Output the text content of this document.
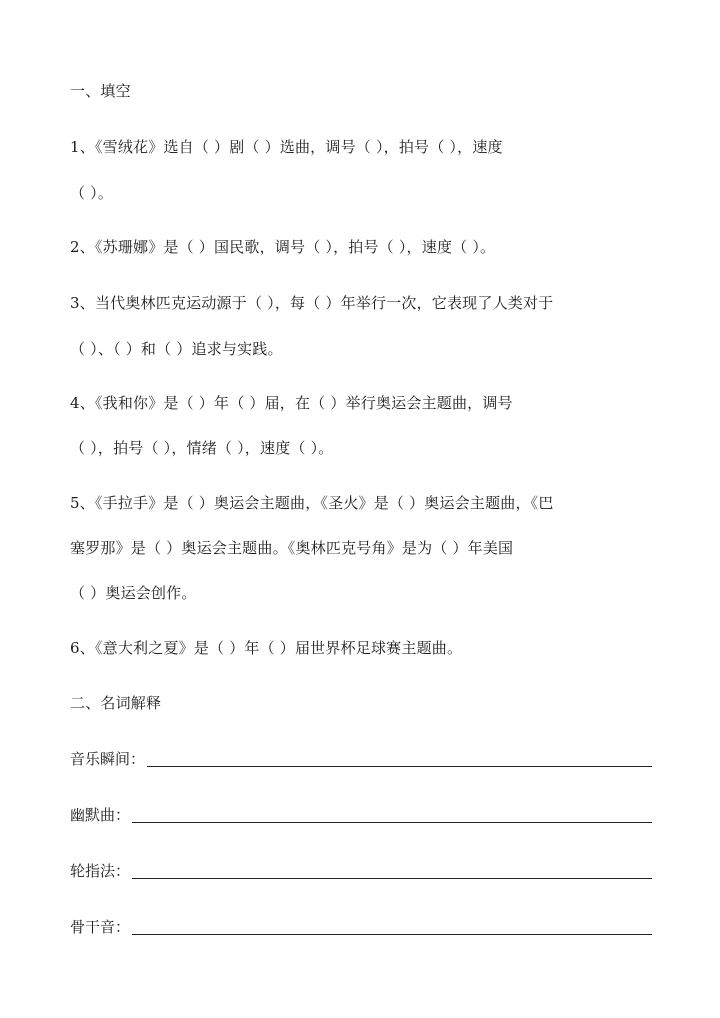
一、填空
1、《雪绒花》选自（ ）剧（ ）选曲，调号（ ），拍号（ ），速度
（ ）。
2、《苏珊娜》是（ ）国民歌，调号（ ），拍号（ ），速度（ ）。
3、当代奥林匹克运动源于（ ），每（ ）年举行一次，它表现了人类对于
（ ）、（ ）和（ ）追求与实践。
4、《我和你》是（ ）年（ ）届，在（ ）举行奥运会主题曲，调号
（ ），拍号（ ），情绪（ ），速度（ ）。
5、《手拉手》是（ ）奥运会主题曲，《圣火》是（ ）奥运会主题曲，《巴
塞罗那》是（ ）奥运会主题曲。《奥林匹克号角》是为（ ）年美国
（ ）奥运会创作。
6、《意大利之夏》是（ ）年（ ）届世界杯足球赛主题曲。
二、名词解释
音乐瞬间：
幽默曲：
轮指法：
骨干音：
